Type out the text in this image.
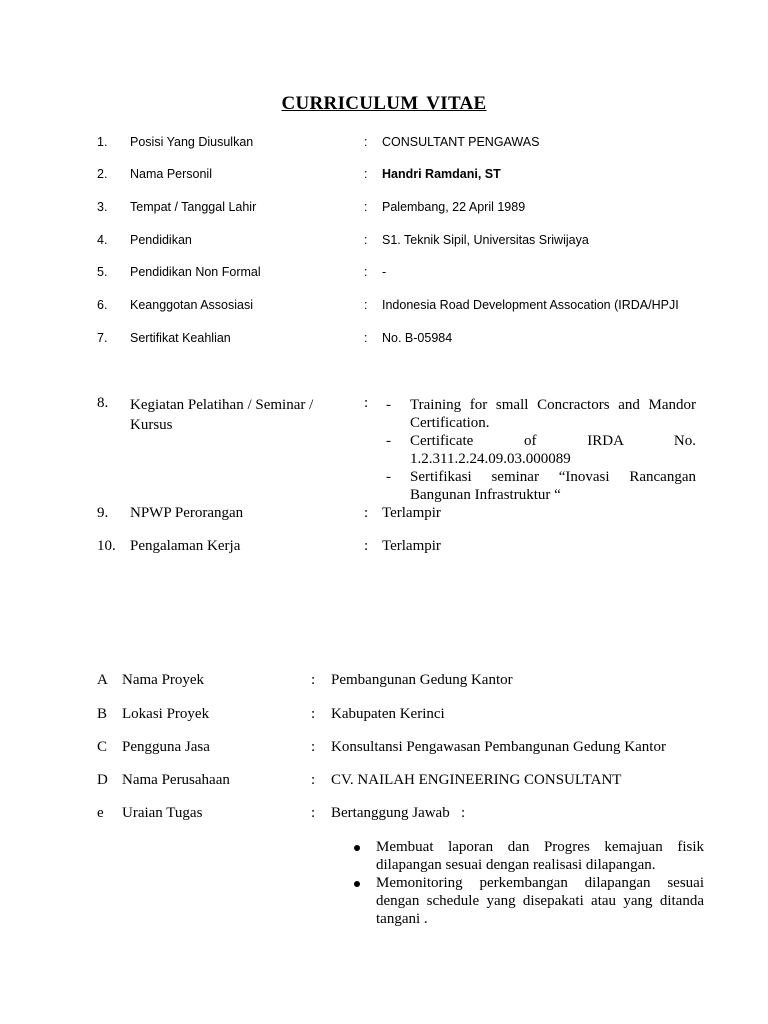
CURRICULUM VITAE
1. Posisi Yang Diusulkan	: CONSULTANT PENGAWAS
2. Nama Personil	: Handri Ramdani, ST
3. Tempat / Tanggal Lahir	: Palembang, 22 April 1989
4. Pendidikan	: S1. Teknik Sipil, Universitas Sriwijaya
5. Pendidikan Non Formal	: -
6. Keanggotan Assosiasi	: Indonesia Road Development Assocation (IRDA/HPJI
7. Sertifikat Keahlian	: No. B-05984
8. Kegiatan Pelatihan / Seminar / Kursus
: - Training for small Concractors and Mandor Certification.
- Certificate of IRDA No. 1.2.311.2.24.09.03.000089
- Sertifikasi seminar “Inovasi Rancangan Bangunan Infrastruktur “
9. NPWP Perorangan	: Terlampir
10. Pengalaman Kerja	: Terlampir
A Nama Proyek	: Pembangunan Gedung Kantor
B Lokasi Proyek	: Kabupaten Kerinci
C Pengguna Jasa	: Konsultansi Pengawasan Pembangunan Gedung Kantor
D Nama Perusahaan	: CV. NAILAH ENGINEERING CONSULTANT
e Uraian Tugas	: Bertanggung Jawab   :
Membuat laporan dan Progres kemajuan fisik dilapangan sesuai dengan realisasi dilapangan.
Memonitoring perkembangan dilapangan sesuai dengan schedule yang disepakati atau yang ditanda tangani .
